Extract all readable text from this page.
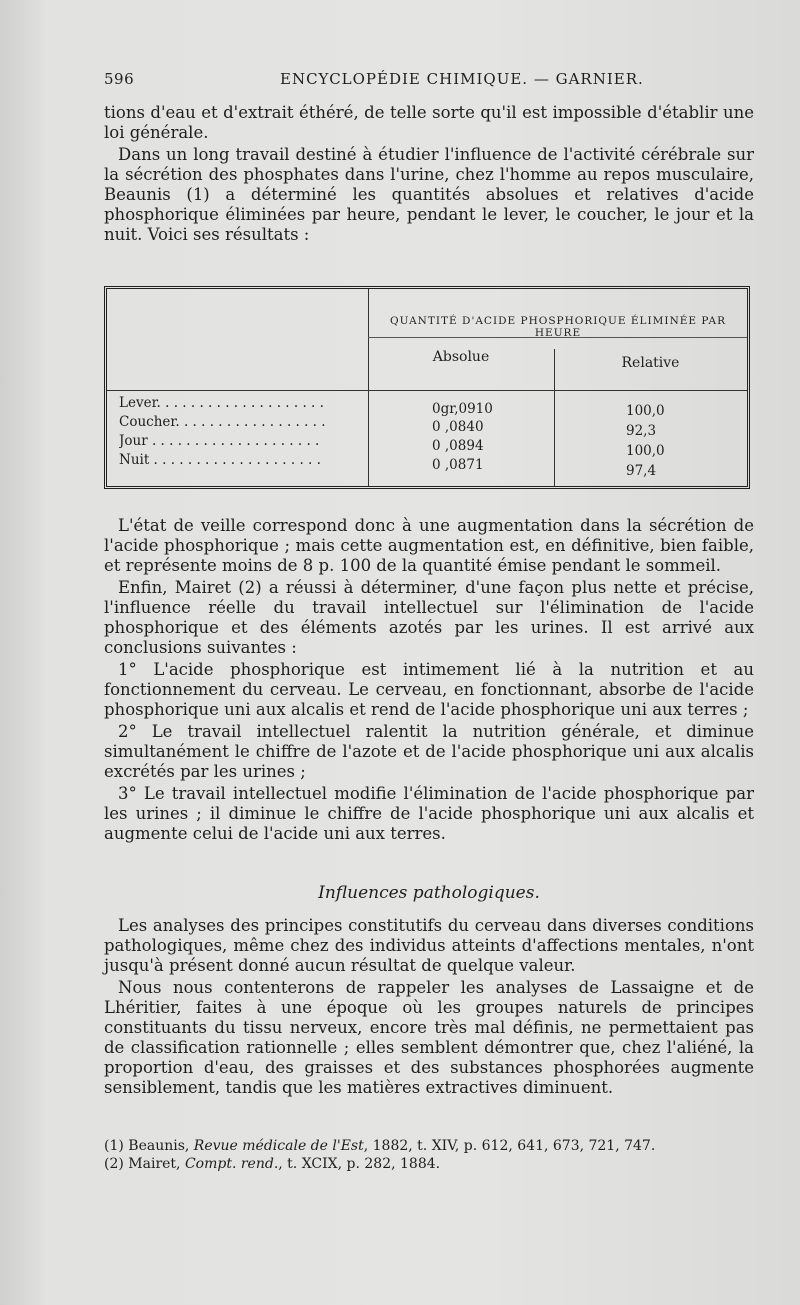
596	ENCYCLOPÉDIE CHIMIQUE. — GARNIER.

tions d'eau et d'extrait éthéré, de telle sorte qu'il est impossible d'établir une loi générale.

Dans un long travail destiné à étudier l'influence de l'activité cérébrale sur la sécrétion des phosphates dans l'urine, chez l'homme au repos musculaire, Beaunis (1) a déterminé les quantités absolues et relatives d'acide phosphorique éliminées par heure, pendant le lever, le coucher, le jour et la nuit. Voici ses résultats :

QUANTITÉ D'ACIDE PHOSPHORIQUE ÉLIMINÉE PAR HEURE
Absolue	Relative
Lever. . . . . . . . . . . . . . . . . . . .
Coucher. . . . . . . . . . . . . . . . . .
Jour . . . . . . . . . . . . . . . . . . . .
Nuit . . . . . . . . . . . . . . . . . . . .
0gr,0910
0 ,0840
0 ,0894
0 ,0871
100,0
92,3
100,0
97,4

L'état de veille correspond donc à une augmentation dans la sécrétion de l'acide phosphorique ; mais cette augmentation est, en définitive, bien faible, et représente moins de 8 p. 100 de la quantité émise pendant le sommeil.

Enfin, Mairet (2) a réussi à déterminer, d'une façon plus nette et précise, l'influence réelle du travail intellectuel sur l'élimination de l'acide phosphorique et des éléments azotés par les urines. Il est arrivé aux conclusions suivantes :

1° L'acide phosphorique est intimement lié à la nutrition et au fonctionnement du cerveau. Le cerveau, en fonctionnant, absorbe de l'acide phosphorique uni aux alcalis et rend de l'acide phosphorique uni aux terres ;

2° Le travail intellectuel ralentit la nutrition générale, et diminue simultanément le chiffre de l'azote et de l'acide phosphorique uni aux alcalis excrétés par les urines ;

3° Le travail intellectuel modifie l'élimination de l'acide phosphorique par les urines ; il diminue le chiffre de l'acide phosphorique uni aux alcalis et augmente celui de l'acide uni aux terres.

Influences pathologiques.

Les analyses des principes constitutifs du cerveau dans diverses conditions pathologiques, même chez des individus atteints d'affections mentales, n'ont jusqu'à présent donné aucun résultat de quelque valeur.

Nous nous contenterons de rappeler les analyses de Lassaigne et de Lhéritier, faites à une époque où les groupes naturels de principes constituants du tissu nerveux, encore très mal définis, ne permettaient pas de classification rationnelle ; elles semblent démontrer que, chez l'aliéné, la proportion d'eau, des graisses et des substances phosphorées augmente sensiblement, tandis que les matières extractives diminuent.

(1) Beaunis, Revue médicale de l'Est, 1882, t. XIV, p. 612, 641, 673, 721, 747.
(2) Mairet, Compt. rend., t. XCIX, p. 282, 1884.
